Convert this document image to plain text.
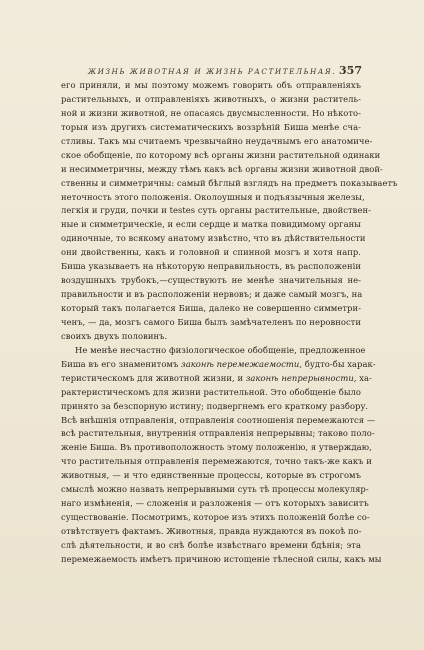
ЖИЗНЬ ЖИВОТНАЯ И ЖИЗНЬ РАСТИТЕЛЬНАЯ. 357
его приняли, и мы поэтому можемъ говорить объ отправленіяхъ
растительныхъ, и отправленіяхъ животныхъ, о жизни раститель-
ной и жизни животной, не опасаясь двусмысленности. Но нѣкото-
торыя изъ другихъ систематическихъ воззрѣній Биша менѣе сча-
стливы. Такъ мы считаемъ чрезвычайно неудачнымъ его анатомиче-
ское обобщеніе, по которому всѣ органы жизни растительной одинаки
и несимметричны, между тѣмъ какъ всѣ органы жизни животной двой-
ственны и симметричны: самый бѣглый взглядъ на предметъ показываетъ
неточность этого положенія. Околоушныя и подъязычныя железы,
легкія и груди, почки и testes суть органы растительные, двойствен-
ные и симметрическіе, и если сердце и матка повидимому органы
одиночные, то всякому анатому извѣстно, что въ дѣйствительности
они двойственны, какъ и головной и спинной мозгъ и хотя напр.
Биша указываетъ на нѣкоторую неправильность, въ расположеніи
воздушныхъ трубокъ,—существуютъ не менѣе значительныя не-
правильности и въ расположеніи нервовъ; и даже самый мозгъ, на
который такъ полагается Биша, далеко не совершенно симметри-
ченъ, — да, мозгъ самого Биша былъ замѣчателенъ по неровности
своихъ двухъ половинъ.
Не менѣе несчастно физіологическое обобщеніе, предложенное
Биша въ его знаменитомъ законѣ перемежаемости, будто-бы харак-
теристическомъ для животной жизни, и законѣ непрерывности, ха-
рактеристическомъ для жизни растительной. Это обобщеніе было
принято за безспорную истину; подвергнемъ его краткому разбору.
Всѣ внѣшнія отправленія, отправленія соотношенія перемежаются —
всѣ растительныя, внутреннія отправленія непрерывны; таково поло-
женіе Биша. Въ противоположность этому положенію, я утверждаю,
что растительныя отправленія перемежаются, точно такъ-же какъ и
животныя, — и что единственные процессы, которые въ строгомъ
смыслѣ можно назвать непрерывными суть тѣ процессы молекуляр-
наго измѣненія, — сложенія и разложенія — отъ которыхъ зависитъ
существованіе. Посмотримъ, которое изъ этихъ положеній болѣе со-
отвѣтствуетъ фактамъ. Животныя, правда нуждаются въ покоѣ по-
слѣ дѣятельности, и во снѣ болѣе извѣстнаго времени бдѣнія; эта
перемежаемость имѣетъ причиною истощеніе тѣлесной силы, какъ мы
